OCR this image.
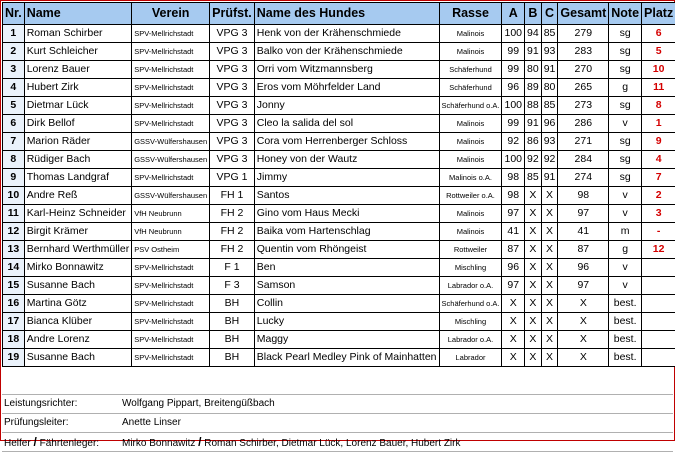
Nr.	Name	Verein	Prüfst.	Name des Hundes	Rasse	A	B	C	Gesamt	Note	Platz
1	Roman Schirber	SPV-Mellrichstadt	VPG 3	Henk von der Krähenschmiede	Malinois	100	94	85	279	sg	6
2	Kurt Schleicher	SPV-Mellrichstadt	VPG 3	Balko von der Krähenschmiede	Malinois	99	91	93	283	sg	5
3	Lorenz Bauer	SPV-Mellrichstadt	VPG 3	Orri vom Witzmannsberg	Schäferhund	99	80	91	270	sg	10
4	Hubert Zirk	SPV-Mellrichstadt	VPG 3	Eros vom Möhrfelder Land	Schäferhund	96	89	80	265	g	11
5	Dietmar Lück	SPV-Mellrichstadt	VPG 3	Jonny	Schäferhund o.A.	100	88	85	273	sg	8
6	Dirk Bellof	SPV-Mellrichstadt	VPG 3	Cleo la salida del sol	Malinois	99	91	96	286	v	1
7	Marion Räder	GSSV-Wülfershausen	VPG 3	Cora vom Herrenberger Schloss	Malinois	92	86	93	271	sg	9
8	Rüdiger Bach	GSSV-Wülfershausen	VPG 3	Honey von der Wautz	Malinois	100	92	92	284	sg	4
9	Thomas Landgraf	SPV-Mellrichstadt	VPG 1	Jimmy	Malinois o.A.	98	85	91	274	sg	7
10	Andre Reß	GSSV-Wülfershausen	FH 1	Santos	Rottweiler o.A.	98	X	X	98	v	2
11	Karl-Heinz Schneider	VfH Neubrunn	FH 2	Gino vom Haus Mecki	Malinois	97	X	X	97	v	3
12	Birgit Krämer	VfH Neubrunn	FH 2	Baika vom Hartenschlag	Malinois	41	X	X	41	m	-
13	Bernhard Werthmüller	PSV Ostheim	FH 2	Quentin vom Rhöngeist	Rottweiler	87	X	X	87	g	12
14	Mirko Bonnawitz	SPV-Mellrichstadt	F 1	Ben	Mischling	96	X	X	96	v	
15	Susanne Bach	SPV-Mellrichstadt	F 3	Samson	Labrador o.A.	97	X	X	97	v	
16	Martina Götz	SPV-Mellrichstadt	BH	Collin	Schäferhund o.A.	X	X	X	X	best.	
17	Bianca Klüber	SPV-Mellrichstadt	BH	Lucky	Mischling	X	X	X	X	best.	
18	Andre Lorenz	SPV-Mellrichstadt	BH	Maggy	Labrador o.A.	X	X	X	X	best.	
19	Susanne Bach	SPV-Mellrichstadt	BH	Black Pearl Medley Pink of Mainhatten	Labrador	X	X	X	X	best.	
Leistungsrichter:	Wolfgang Pippart, Breitengüßbach
Prüfungsleiter:	Anette Linser
Helfer / Fährtenleger: Mirko Bonnawitz / Roman Schirber, Dietmar Lück, Lorenz Bauer, Hubert Zirk
